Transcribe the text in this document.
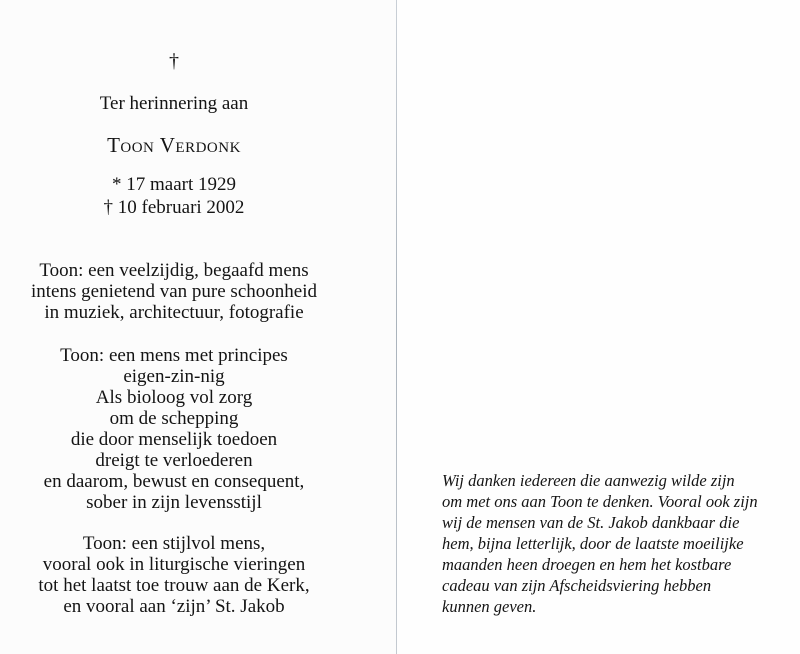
†
Ter herinnering aan
Toon Verdonk
* 17 maart 1929
† 10 februari 2002
Toon: een veelzijdig, begaafd mens
intens genietend van pure schoonheid
in muziek, architectuur, fotografie
Toon: een mens met principes
eigen-zin-nig
Als bioloog vol zorg
om de schepping
die door menselijk toedoen
dreigt te verloederen
en daarom, bewust en consequent,
sober in zijn levensstijl
Toon: een stijlvol mens,
vooral ook in liturgische vieringen
tot het laatst toe trouw aan de Kerk,
en vooral aan ‘zijn’ St. Jakob
Wij danken iedereen die aanwezig wilde zijn
om met ons aan Toon te denken. Vooral ook zijn
wij de mensen van de St. Jakob dankbaar die
hem, bijna letterlijk, door de laatste moeilijke
maanden heen droegen en hem het kostbare
cadeau van zijn Afscheidsviering hebben
kunnen geven.
